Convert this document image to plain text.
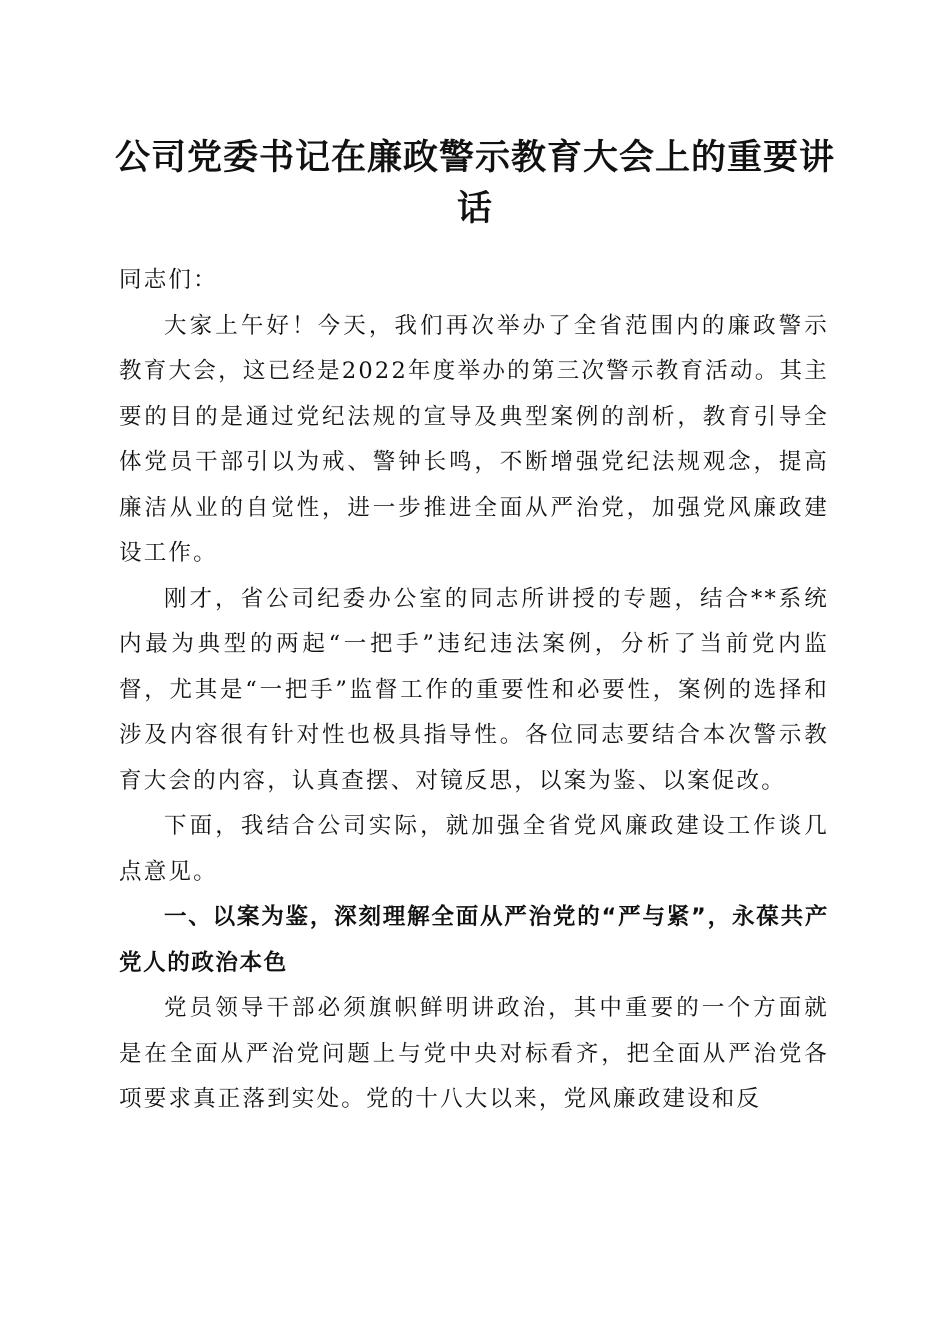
公司党委书记在廉政警示教育大会上的重要讲话

同志们：

大家上午好！今天，我们再次举办了全省范围内的廉政警示教育大会，这已经是2022年度举办的第三次警示教育活动。其主要的目的是通过党纪法规的宣导及典型案例的剖析，教育引导全体党员干部引以为戒、警钟长鸣，不断增强党纪法规观念，提高廉洁从业的自觉性，进一步推进全面从严治党，加强党风廉政建设工作。

刚才，省公司纪委办公室的同志所讲授的专题，结合**系统内最为典型的两起“一把手”违纪违法案例，分析了当前党内监督，尤其是“一把手”监督工作的重要性和必要性，案例的选择和涉及内容很有针对性也极具指导性。各位同志要结合本次警示教育大会的内容，认真查摆、对镜反思，以案为鉴、以案促改。

下面，我结合公司实际，就加强全省党风廉政建设工作谈几点意见。

一、以案为鉴，深刻理解全面从严治党的“严与紧”，永葆共产党人的政治本色

党员领导干部必须旗帜鲜明讲政治，其中重要的一个方面就是在全面从严治党问题上与党中央对标看齐，把全面从严治党各项要求真正落到实处。党的十八大以来，党风廉政建设和反
